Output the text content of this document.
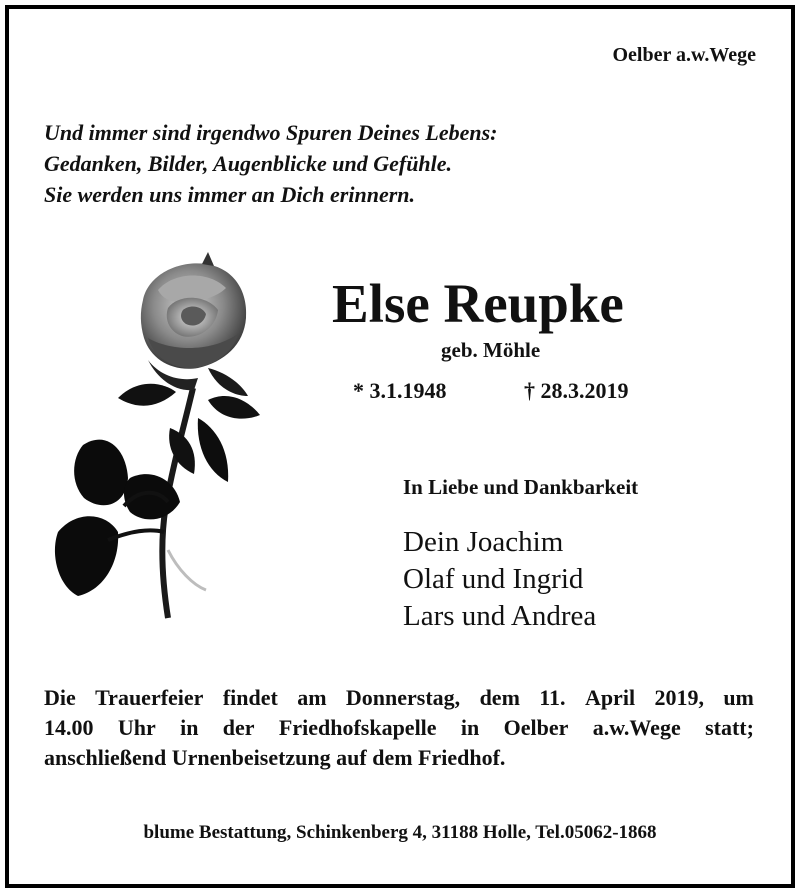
Oelber a.w.Wege
Und immer sind irgendwo Spuren Deines Lebens:
Gedanken, Bilder, Augenblicke und Gefühle.
Sie werden uns immer an Dich erinnern.
Else Reupke
geb. Möhle
* 3.1.1948	† 28.3.2019
In Liebe und Dankbarkeit
Dein Joachim
Olaf und Ingrid
Lars und Andrea
Die Trauerfeier findet am Donnerstag, dem 11. April 2019, um
14.00 Uhr in der Friedhofskapelle in Oelber a.w.Wege statt;
anschließend Urnenbeisetzung auf dem Friedhof.
blume Bestattung, Schinkenberg 4, 31188 Holle, Tel.05062-1868
